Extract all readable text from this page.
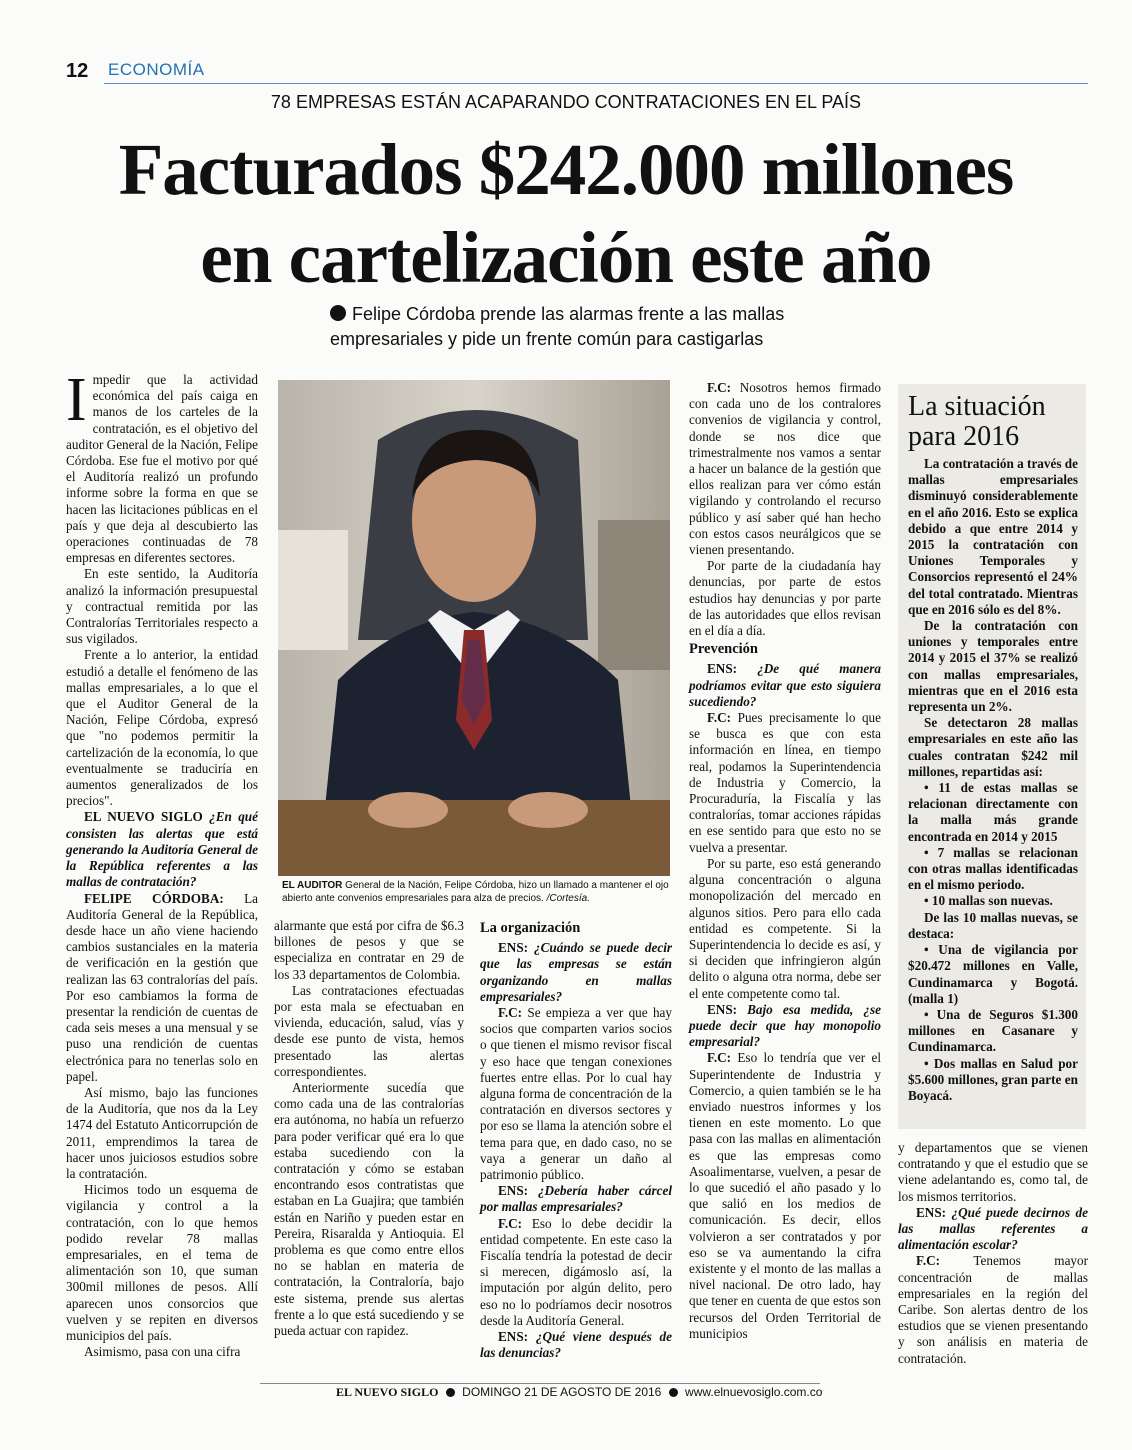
12 ECONOMÍA
78 EMPRESAS ESTÁN ACAPARANDO CONTRATACIONES EN EL PAÍS
Facturados $242.000 millones
en cartelización este año
Felipe Córdoba prende las alarmas frente a las mallas empresariales y pide un frente común para castigarlas

Impedir que la actividad económica del país caiga en manos de los carteles de la contratación, es el objetivo del auditor General de la Nación, Felipe Córdoba. Ese fue el motivo por qué el Auditoría realizó un profundo informe sobre la forma en que se hacen las licitaciones públicas en el país y que deja al descubierto las operaciones continuadas de 78 empresas en diferentes sectores.

En este sentido, la Auditoría analizó la información presupuestal y contractual remitida por las Contralorías Territoriales respecto a sus vigilados.

Frente a lo anterior, la entidad estudió a detalle el fenómeno de las mallas empresariales, a lo que el que el Auditor General de la Nación, Felipe Córdoba, expresó que "no podemos permitir la cartelización de la economía, lo que eventualmente se traduciría en aumentos generalizados de los precios".

EL NUEVO SIGLO ¿En qué consisten las alertas que está generando la Auditoría General de la República referentes a las mallas de contratación?

FELIPE CÓRDOBA: La Auditoría General de la República, desde hace un año viene haciendo cambios sustanciales en la materia de verificación en la gestión que realizan las 63 contralorías del país. Por eso cambiamos la forma de presentar la rendición de cuentas de cada seis meses a una mensual y se puso una rendición de cuentas electrónica para no tenerlas solo en papel.

Así mismo, bajo las funciones de la Auditoría, que nos da la Ley 1474 del Estatuto Anticorrupción de 2011, emprendimos la tarea de hacer unos juiciosos estudios sobre la contratación.

Hicimos todo un esquema de vigilancia y control a la contratación, con lo que hemos podido revelar 78 mallas empresariales, en el tema de alimentación son 10, que suman 300mil millones de pesos. Allí aparecen unos consorcios que vuelven y se repiten en diversos municipios del país.

Asimismo, pasa con una cifra

EL AUDITOR General de la Nación, Felipe Córdoba, hizo un llamado a mantener el ojo abierto ante convenios empresariales para alza de precios. /Cortesía.

alarmante que está por cifra de $6.3 billones de pesos y que se especializa en contratar en 29 de los 33 departamentos de Colombia.

Las contrataciones efectuadas por esta mala se efectuaban en vivienda, educación, salud, vías y desde ese punto de vista, hemos presentado las alertas correspondientes.

Anteriormente sucedía que como cada una de las contralorías era autónoma, no había un refuerzo para poder verificar qué era lo que estaba sucediendo con la contratación y cómo se estaban encontrando esos contratistas que estaban en La Guajira; que también están en Nariño y pueden estar en Pereira, Risaralda y Antioquia. El problema es que como entre ellos no se hablan en materia de contratación, la Contraloría, bajo este sistema, prende sus alertas frente a lo que está sucediendo y se pueda actuar con rapidez.

La organización

ENS: ¿Cuándo se puede decir que las empresas se están organizando en mallas empresariales?

F.C: Se empieza a ver que hay socios que comparten varios socios o que tienen el mismo revisor fiscal y eso hace que tengan conexiones fuertes entre ellas. Por lo cual hay alguna forma de concentración de la contratación en diversos sectores y por eso se llama la atención sobre el tema para que, en dado caso, no se vaya a generar un daño al patrimonio público.

ENS: ¿Debería haber cárcel por mallas empresariales?

F.C: Eso lo debe decidir la entidad competente. En este caso la Fiscalía tendría la potestad de decir si merecen, digámoslo así, la imputación por algún delito, pero eso no lo podríamos decir nosotros desde la Auditoría General.

ENS: ¿Qué viene después de las denuncias?

F.C: Nosotros hemos firmado con cada uno de los contralores convenios de vigilancia y control, donde se nos dice que trimestralmente nos vamos a sentar a hacer un balance de la gestión que ellos realizan para ver cómo están vigilando y controlando el recurso público y así saber qué han hecho con estos casos neurálgicos que se vienen presentando.

Por parte de la ciudadanía hay denuncias, por parte de estos estudios hay denuncias y por parte de las autoridades que ellos revisan en el día a día.

Prevención

ENS: ¿De qué manera podríamos evitar que esto siguiera sucediendo?

F.C: Pues precisamente lo que se busca es que con esta información en línea, en tiempo real, podamos la Superintendencia de Industria y Comercio, la Procuraduría, la Fiscalía y las contralorías, tomar acciones rápidas en ese sentido para que esto no se vuelva a presentar.

Por su parte, eso está generando alguna concentración o alguna monopolización del mercado en algunos sitios. Pero para ello cada entidad es competente. Si la Superintendencia lo decide es así, y si deciden que infringieron algún delito o alguna otra norma, debe ser el ente competente como tal.

ENS: Bajo esa medida, ¿se puede decir que hay monopolio empresarial?

F.C: Eso lo tendría que ver el Superintendente de Industria y Comercio, a quien también se le ha enviado nuestros informes y los tienen en este momento. Lo que pasa con las mallas en alimentación es que las empresas como Asoalimentarse, vuelven, a pesar de lo que sucedió el año pasado y lo que salió en los medios de comunicación. Es decir, ellos volvieron a ser contratados y por eso se va aumentando la cifra existente y el monto de las mallas a nivel nacional. De otro lado, hay que tener en cuenta de que estos son recursos del Orden Territorial de municipios

La situación
para 2016

La contratación a través de mallas empresariales disminuyó considerablemente en el año 2016. Esto se explica debido a que entre 2014 y 2015 la contratación con Uniones Temporales y Consorcios representó el 24% del total contratado. Mientras que en 2016 sólo es del 8%.

De la contratación con uniones y temporales entre 2014 y 2015 el 37% se realizó con mallas empresariales, mientras que en el 2016 esta representa un 2%.

Se detectaron 28 mallas empresariales en este año las cuales contratan $242 mil millones, repartidas así:

• 11 de estas mallas se relacionan directamente con la malla más grande encontrada en 2014 y 2015

• 7 mallas se relacionan con otras mallas identificadas en el mismo periodo.

• 10 mallas son nuevas.

De las 10 mallas nuevas, se destaca:

• Una de vigilancia por $20.472 millones en Valle, Cundinamarca y Bogotá. (malla 1)

• Una de Seguros $1.300 millones en Casanare y Cundinamarca.

• Dos mallas en Salud por $5.600 millones, gran parte en Boyacá.

y departamentos que se vienen contratando y que el estudio que se viene adelantando es, como tal, de los mismos territorios.

ENS: ¿Qué puede decirnos de las mallas referentes a alimentación escolar?

F.C:	Tenemos mayor concentración de mallas empresariales en la región del Caribe. Son alertas dentro de los estudios que se vienen presentando y son análisis en materia de contratación.

EL NUEVO SIGLO DOMINGO 21 DE AGOSTO DE 2016 www.elnuevosiglo.com.co
